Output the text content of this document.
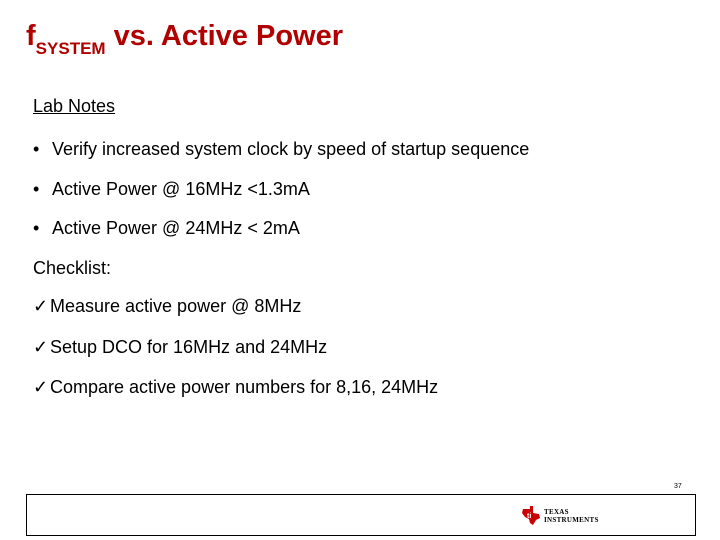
$f_{SYSTEM}$ vs. Active Power
Lab Notes
• Verify increased system clock by speed of startup sequence
• Active Power @ 16MHz <1.3mA
• Active Power @ 24MHz < 2mA
Checklist:
✓ Measure active power @ 8MHz
✓ Setup DCO for 16MHz and 24MHz
✓ Compare active power numbers for 8,16, 24MHz
37
ti
TEXAS
INSTRUMENTS
